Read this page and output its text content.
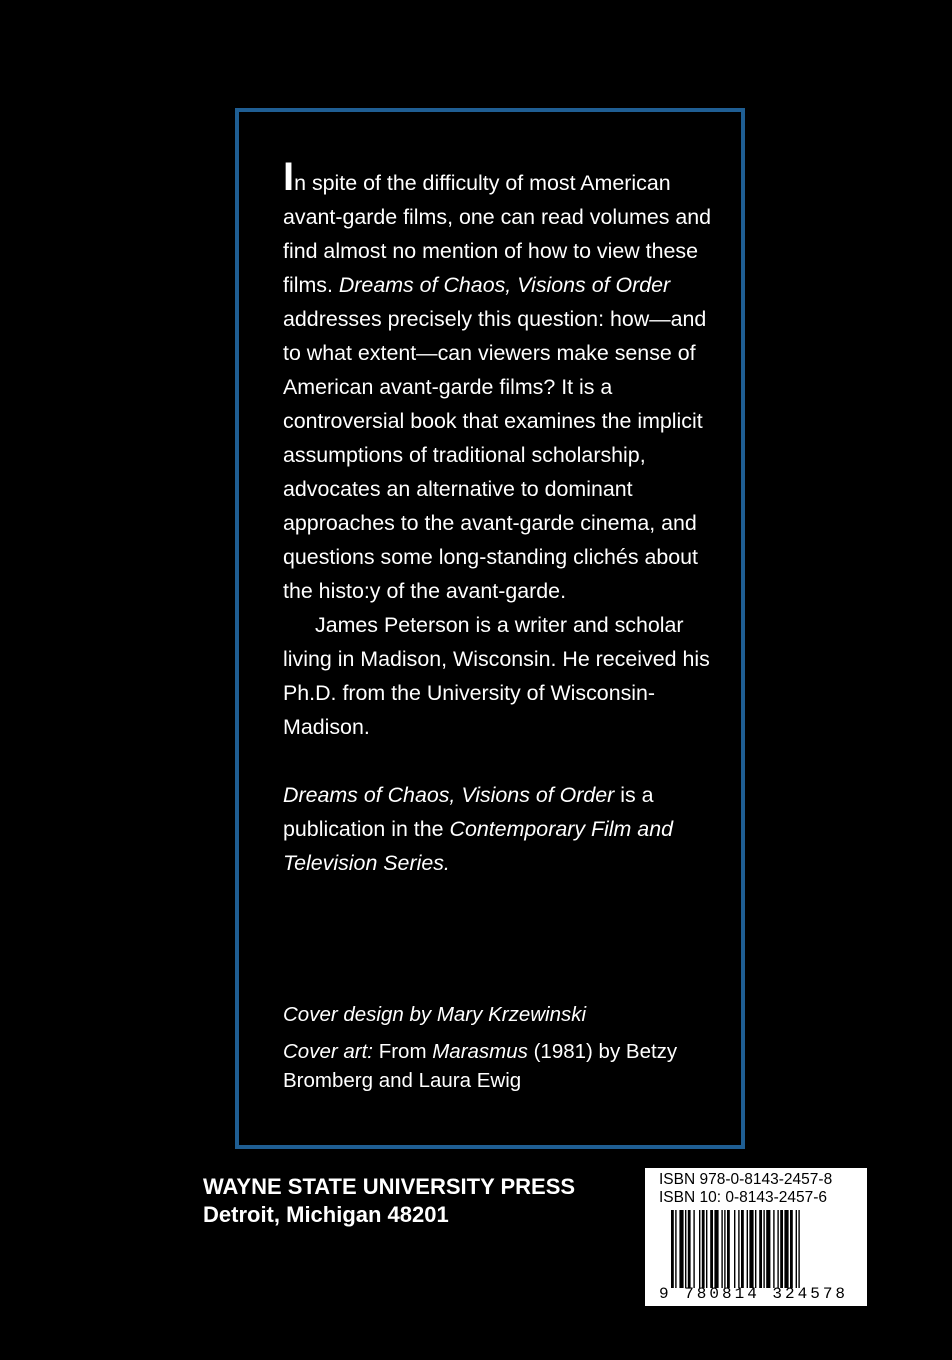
In spite of the difficulty of most American avant-garde films, one can read volumes and find almost no mention of how to view these films. Dreams of Chaos, Visions of Order addresses precisely this question: how—and to what extent—can viewers make sense of American avant-garde films? It is a controversial book that examines the implicit assumptions of traditional scholarship, advocates an alternative to dominant approaches to the avant-garde cinema, and questions some long-standing clichés about the histo:y of the avant-garde.

James Peterson is a writer and scholar living in Madison, Wisconsin. He received his Ph.D. from the University of Wisconsin-Madison.

Dreams of Chaos, Visions of Order is a publication in the Contemporary Film and Television Series.

Cover design by Mary Krzewinski

Cover art: From Marasmus (1981) by Betzy Bromberg and Laura Ewig

WAYNE STATE UNIVERSITY PRESS
Detroit, Michigan 48201
ISBN 978-0-8143-2457-8
ISBN 10: 0-8143-2457-6
9 780814 324578
